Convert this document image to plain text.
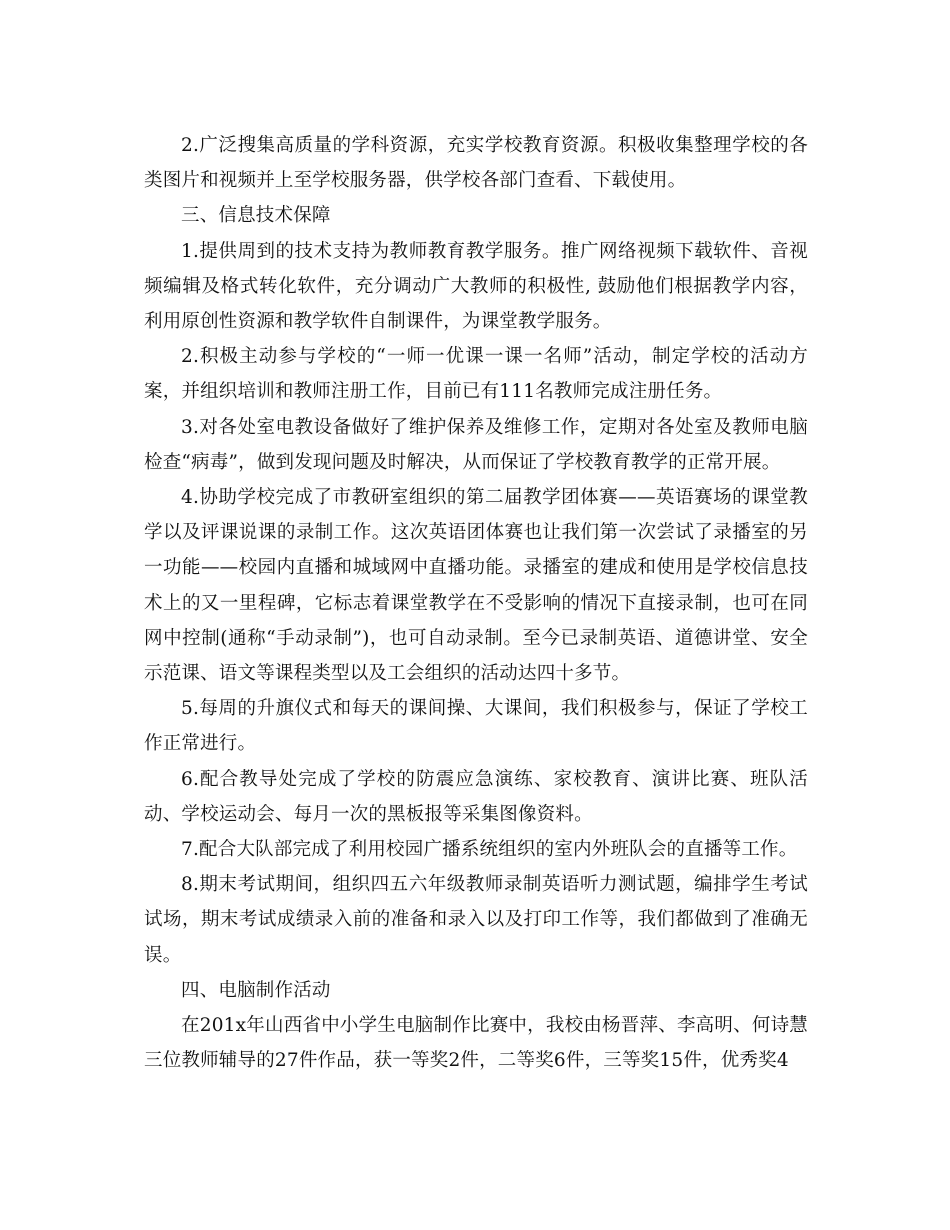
2.广泛搜集高质量的学科资源，充实学校教育资源。积极收集整理学校的各类图片和视频并上至学校服务器，供学校各部门查看、下载使用。

三、信息技术保障

1.提供周到的技术支持为教师教育教学服务。推广网络视频下载软件、音视频编辑及格式转化软件，充分调动广大教师的积极性, 鼓励他们根据教学内容，利用原创性资源和教学软件自制课件，为课堂教学服务。

2.积极主动参与学校的“一师一优课一课一名师”活动，制定学校的活动方案，并组织培训和教师注册工作，目前已有111名教师完成注册任务。

3.对各处室电教设备做好了维护保养及维修工作，定期对各处室及教师电脑检查“病毒”，做到发现问题及时解决，从而保证了学校教育教学的正常开展。

4.协助学校完成了市教研室组织的第二届教学团体赛——英语赛场的课堂教学以及评课说课的录制工作。这次英语团体赛也让我们第一次尝试了录播室的另一功能——校园内直播和城域网中直播功能。录播室的建成和使用是学校信息技术上的又一里程碑，它标志着课堂教学在不受影响的情况下直接录制，也可在同网中控制(通称“手动录制”)，也可自动录制。至今已录制英语、道德讲堂、安全示范课、语文等课程类型以及工会组织的活动达四十多节。

5.每周的升旗仪式和每天的课间操、大课间，我们积极参与，保证了学校工作正常进行。

6.配合教导处完成了学校的防震应急演练、家校教育、演讲比赛、班队活动、学校运动会、每月一次的黑板报等采集图像资料。

7.配合大队部完成了利用校园广播系统组织的室内外班队会的直播等工作。

8.期末考试期间，组织四五六年级教师录制英语听力测试题，编排学生考试试场，期末考试成绩录入前的准备和录入以及打印工作等，我们都做到了准确无误。

四、电脑制作活动

在201x年山西省中小学生电脑制作比赛中，我校由杨晋萍、李高明、何诗慧三位教师辅导的27件作品，获一等奖2件，二等奖6件，三等奖15件，优秀奖4
